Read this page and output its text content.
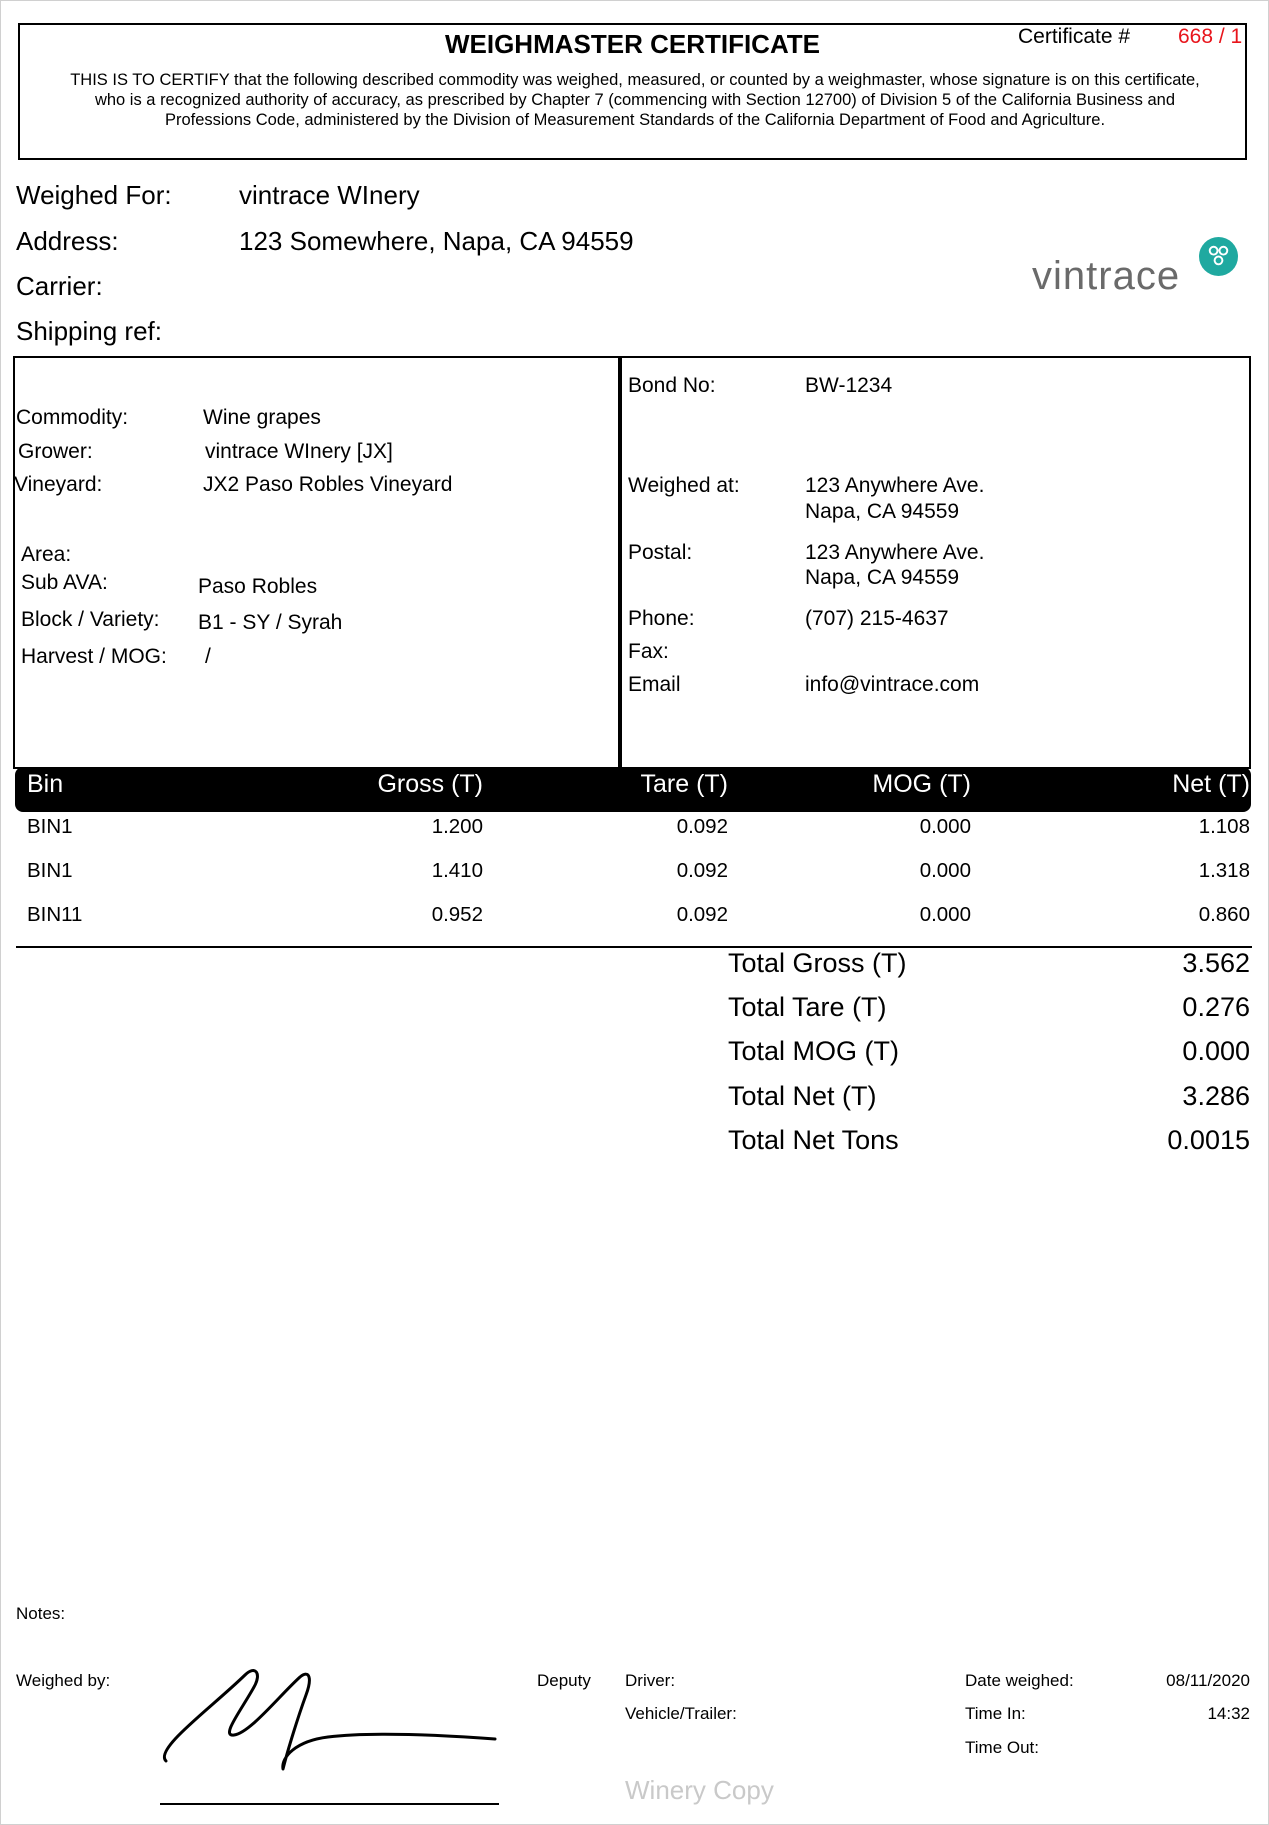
WEIGHMASTER CERTIFICATE	Certificate # 668 / 1
THIS IS TO CERTIFY that the following described commodity was weighed, measured, or counted by a weighmaster, whose signature is on this certificate,
who is a recognized authority of accuracy, as prescribed by Chapter 7 (commencing with Section 12700) of Division 5 of the California Business and
Professions Code, administered by the Division of Measurement Standards of the California Department of Food and Agriculture.
Weighed For:	vintrace WInery
Address:	123 Somewhere, Napa, CA 94559
Carrier:
Shipping ref:
vintrace
Commodity:	Wine grapes
Grower:	vintrace WInery [JX]
Vineyard:	JX2 Paso Robles Vineyard
Area:
Sub AVA:	Paso Robles
Block / Variety: B1 - SY / Syrah
Harvest / MOG: /
Bond No:	BW-1234
Weighed at:	123 Anywhere Ave.
Napa, CA 94559
Postal:	123 Anywhere Ave.
Napa, CA 94559
Phone:	(707) 215-4637
Fax:
Email	info@vintrace.com
Bin	Gross (T)	Tare (T)	MOG (T)	Net (T)
BIN1	1.200	0.092	0.000	1.108
BIN1	1.410	0.092	0.000	1.318
BIN11	0.952	0.092	0.000	0.860
Total Gross (T)	3.562
Total Tare (T)	0.276
Total MOG (T)	0.000
Total Net (T)	3.286
Total Net Tons	0.0015
Notes:
Weighed by:	Deputy Driver:
Vehicle/Trailer:
Date weighed:	08/11/2020
Time In:	14:32
Time Out:
Winery Copy
